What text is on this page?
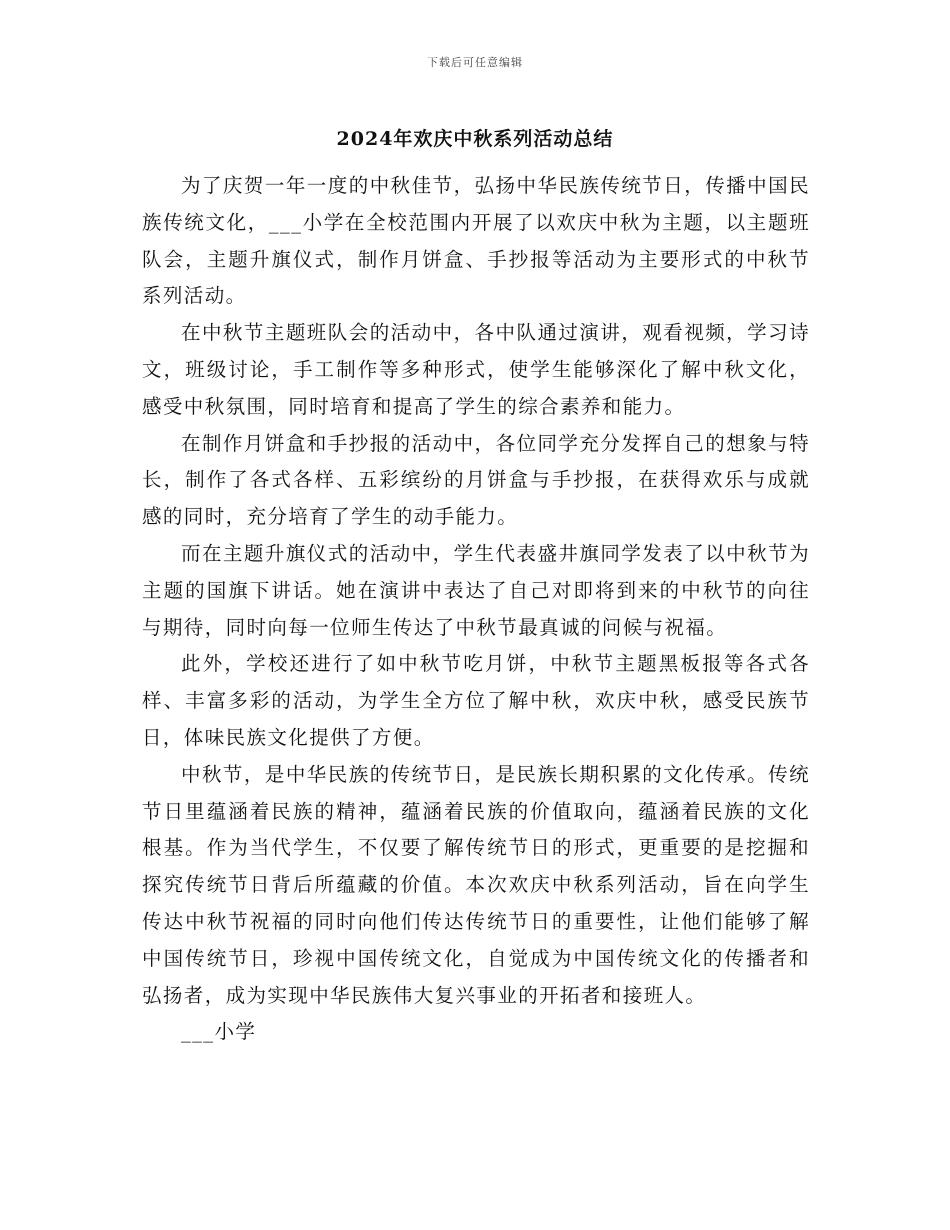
下载后可任意编辑
2024年欢庆中秋系列活动总结

为了庆贺一年一度的中秋佳节，弘扬中华民族传统节日，传播中国民族传统文化，___小学在全校范围内开展了以欢庆中秋为主题，以主题班队会，主题升旗仪式，制作月饼盒、手抄报等活动为主要形式的中秋节系列活动。

在中秋节主题班队会的活动中，各中队通过演讲，观看视频，学习诗文，班级讨论，手工制作等多种形式，使学生能够深化了解中秋文化，感受中秋氛围，同时培育和提高了学生的综合素养和能力。

在制作月饼盒和手抄报的活动中，各位同学充分发挥自己的想象与特长，制作了各式各样、五彩缤纷的月饼盒与手抄报，在获得欢乐与成就感的同时，充分培育了学生的动手能力。

而在主题升旗仪式的活动中，学生代表盛井旗同学发表了以中秋节为主题的国旗下讲话。她在演讲中表达了自己对即将到来的中秋节的向往与期待，同时向每一位师生传达了中秋节最真诚的问候与祝福。

此外，学校还进行了如中秋节吃月饼，中秋节主题黑板报等各式各样、丰富多彩的活动，为学生全方位了解中秋，欢庆中秋，感受民族节日，体味民族文化提供了方便。

中秋节，是中华民族的传统节日，是民族长期积累的文化传承。传统节日里蕴涵着民族的精神，蕴涵着民族的价值取向，蕴涵着民族的文化根基。作为当代学生，不仅要了解传统节日的形式，更重要的是挖掘和探究传统节日背后所蕴藏的价值。本次欢庆中秋系列活动，旨在向学生传达中秋节祝福的同时向他们传达传统节日的重要性，让他们能够了解中国传统节日，珍视中国传统文化，自觉成为中国传统文化的传播者和弘扬者，成为实现中华民族伟大复兴事业的开拓者和接班人。

___小学
